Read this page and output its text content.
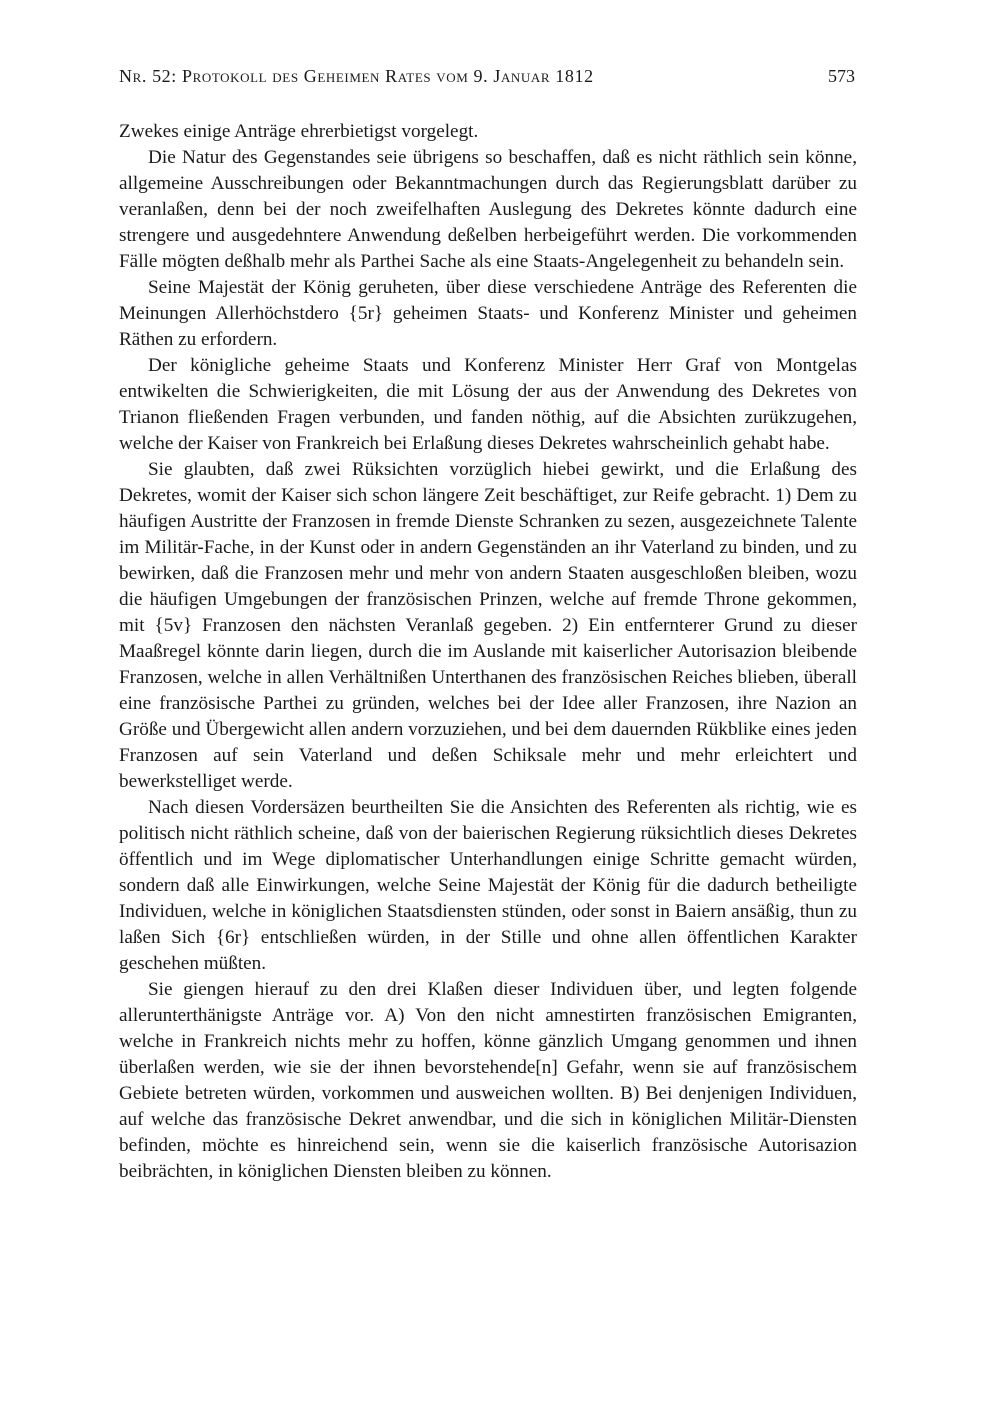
Nr. 52: Protokoll des Geheimen Rates vom 9. Januar 1812	573

Zwekes einige Anträge ehrerbietigst vorgelegt.

Die Natur des Gegenstandes seie übrigens so beschaffen, daß es nicht räthlich sein könne, allgemeine Ausschreibungen oder Bekanntmachungen durch das Regierungsblatt darüber zu veranlaßen, denn bei der noch zweifelhaften Auslegung des Dekretes könnte dadurch eine strengere und ausgedehntere Anwendung deßelben herbeigeführt werden. Die vorkommenden Fälle mögten deßhalb mehr als Parthei Sache als eine Staats-Angelegenheit zu behandeln sein.

Seine Majestät der König geruheten, über diese verschiedene Anträge des Referenten die Meinungen Allerhöchstdero {5r} geheimen Staats- und Konferenz Minister und geheimen Räthen zu erfordern.

Der königliche geheime Staats und Konferenz Minister Herr Graf von Montgelas entwikelten die Schwierigkeiten, die mit Lösung der aus der Anwendung des Dekretes von Trianon fließenden Fragen verbunden, und fanden nöthig, auf die Absichten zurükzugehen, welche der Kaiser von Frankreich bei Erlaßung dieses Dekretes wahrscheinlich gehabt habe.

Sie glaubten, daß zwei Rüksichten vorzüglich hiebei gewirkt, und die Erlaßung des Dekretes, womit der Kaiser sich schon längere Zeit beschäftiget, zur Reife gebracht. 1) Dem zu häufigen Austritte der Franzosen in fremde Dienste Schranken zu sezen, ausgezeichnete Talente im Militär-Fache, in der Kunst oder in andern Gegenständen an ihr Vaterland zu binden, und zu bewirken, daß die Franzosen mehr und mehr von andern Staaten ausgeschloßen bleiben, wozu die häufigen Umgebungen der französischen Prinzen, welche auf fremde Throne gekommen, mit {5v} Franzosen den nächsten Veranlaß gegeben. 2) Ein entfernterer Grund zu dieser Maaßregel könnte darin liegen, durch die im Auslande mit kaiserlicher Autorisazion bleibende Franzosen, welche in allen Verhältnißen Unterthanen des französischen Reiches blieben, überall eine französische Parthei zu gründen, welches bei der Idee aller Franzosen, ihre Nazion an Größe und Übergewicht allen andern vorzuziehen, und bei dem dauernden Rükblike eines jeden Franzosen auf sein Vaterland und deßen Schiksale mehr und mehr erleichtert und bewerkstelliget werde.

Nach diesen Vordersäzen beurtheilten Sie die Ansichten des Referenten als richtig, wie es politisch nicht räthlich scheine, daß von der baierischen Regierung rüksichtlich dieses Dekretes öffentlich und im Wege diplomatischer Unterhandlungen einige Schritte gemacht würden, sondern daß alle Einwirkungen, welche Seine Majestät der König für die dadurch betheiligte Individuen, welche in königlichen Staatsdiensten stünden, oder sonst in Baiern ansäßig, thun zu laßen Sich {6r} entschließen würden, in der Stille und ohne allen öffentlichen Karakter geschehen müßten.

Sie giengen hierauf zu den drei Klaßen dieser Individuen über, und legten folgende allerunterthänigste Anträge vor. A) Von den nicht amnestirten französischen Emigranten, welche in Frankreich nichts mehr zu hoffen, könne gänzlich Umgang genommen und ihnen überlaßen werden, wie sie der ihnen bevorstehende[n] Gefahr, wenn sie auf französischem Gebiete betreten würden, vorkommen und ausweichen wollten. B) Bei denjenigen Individuen, auf welche das französische Dekret anwendbar, und die sich in königlichen Militär-Diensten befinden, möchte es hinreichend sein, wenn sie die kaiserlich französische Autorisazion beibrächten, in königlichen Diensten bleiben zu können.
